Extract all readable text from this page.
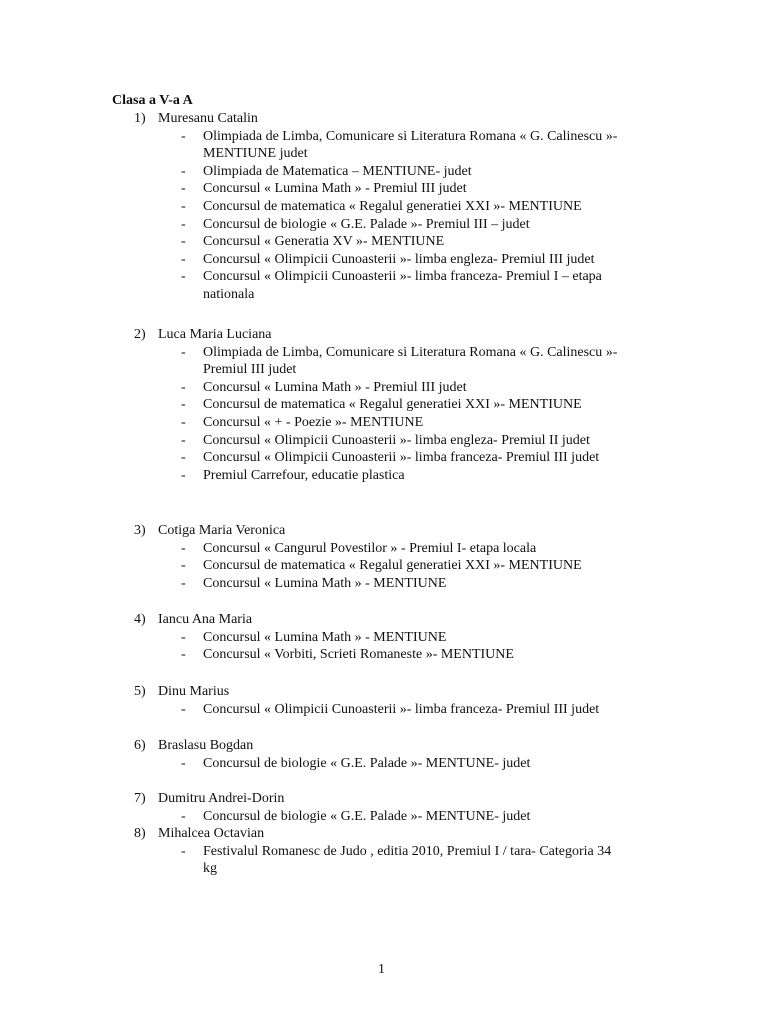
Clasa a V-a A
1) Muresanu Catalin
- Olimpiada de Limba, Comunicare si Literatura Romana « G. Calinescu »-
MENTIUNE judet
- Olimpiada de Matematica – MENTIUNE- judet
- Concursul « Lumina Math » - Premiul III judet
- Concursul de matematica « Regalul generatiei XXI »- MENTIUNE
- Concursul de biologie « G.E. Palade »- Premiul III – judet
- Concursul « Generatia XV »- MENTIUNE
- Concursul « Olimpicii Cunoasterii »- limba engleza- Premiul III judet
- Concursul « Olimpicii Cunoasterii »- limba franceza- Premiul I – etapa
nationala
2) Luca Maria Luciana
- Olimpiada de Limba, Comunicare si Literatura Romana « G. Calinescu »-
Premiul III judet
- Concursul « Lumina Math » - Premiul III judet
- Concursul de matematica « Regalul generatiei XXI »- MENTIUNE
- Concursul « + - Poezie »- MENTIUNE
- Concursul « Olimpicii Cunoasterii »- limba engleza- Premiul II judet
- Concursul « Olimpicii Cunoasterii »- limba franceza- Premiul III judet
- Premiul Carrefour, educatie plastica
3) Cotiga Maria Veronica
- Concursul « Cangurul Povestilor » - Premiul I- etapa locala
- Concursul de matematica « Regalul generatiei XXI »- MENTIUNE
- Concursul « Lumina Math » - MENTIUNE
4) Iancu Ana Maria
- Concursul « Lumina Math » - MENTIUNE
- Concursul « Vorbiti, Scrieti Romaneste »- MENTIUNE
5) Dinu Marius
- Concursul « Olimpicii Cunoasterii »- limba franceza- Premiul III judet
6) Braslasu Bogdan
- Concursul de biologie « G.E. Palade »- MENTUNE- judet
7) Dumitru Andrei-Dorin
- Concursul de biologie « G.E. Palade »- MENTUNE- judet
8) Mihalcea Octavian
- Festivalul Romanesc de Judo , editia 2010, Premiul I / tara- Categoria 34
kg
1
